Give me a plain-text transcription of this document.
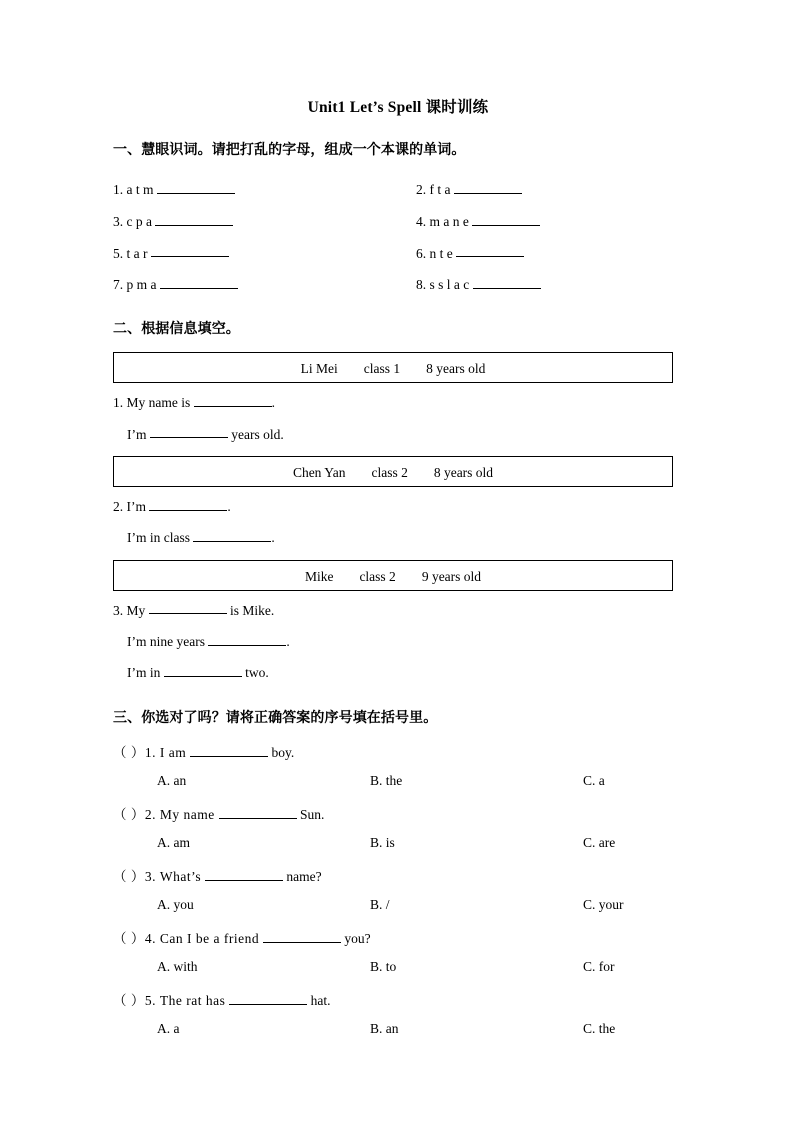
Unit1 Let’s Spell 课时训练
一、慧眼识词。请把打乱的字母，组成一个本课的单词。
1. a t m	2. f t a
3. c p a	4. m a n e
5. t a r	6. n t e
7. p m a	8. s s l a c
二、根据信息填空。
Li Mei class 1 8 years old
1. My name is	.
I’m	years old.
Chen Yan class 2 8 years old
2. I’m	.
I’m in class	.
Mike class 2 9 years old
3. My	is Mike.
I’m nine years	.
I’m in	two.
三、你选对了吗？请将正确答案的序号填在括号里。
（ ）1. I am	boy.
A. an	B. the	C. a
（ ）2. My name	Sun.
A. am	B. is	C. are
（ ）3. What’s	name?
A. you	B. /	C. your
（ ）4. Can I be a friend	you?
A. with	B. to	C. for
（ ）5. The rat has	hat.
A. a	B. an	C. the
